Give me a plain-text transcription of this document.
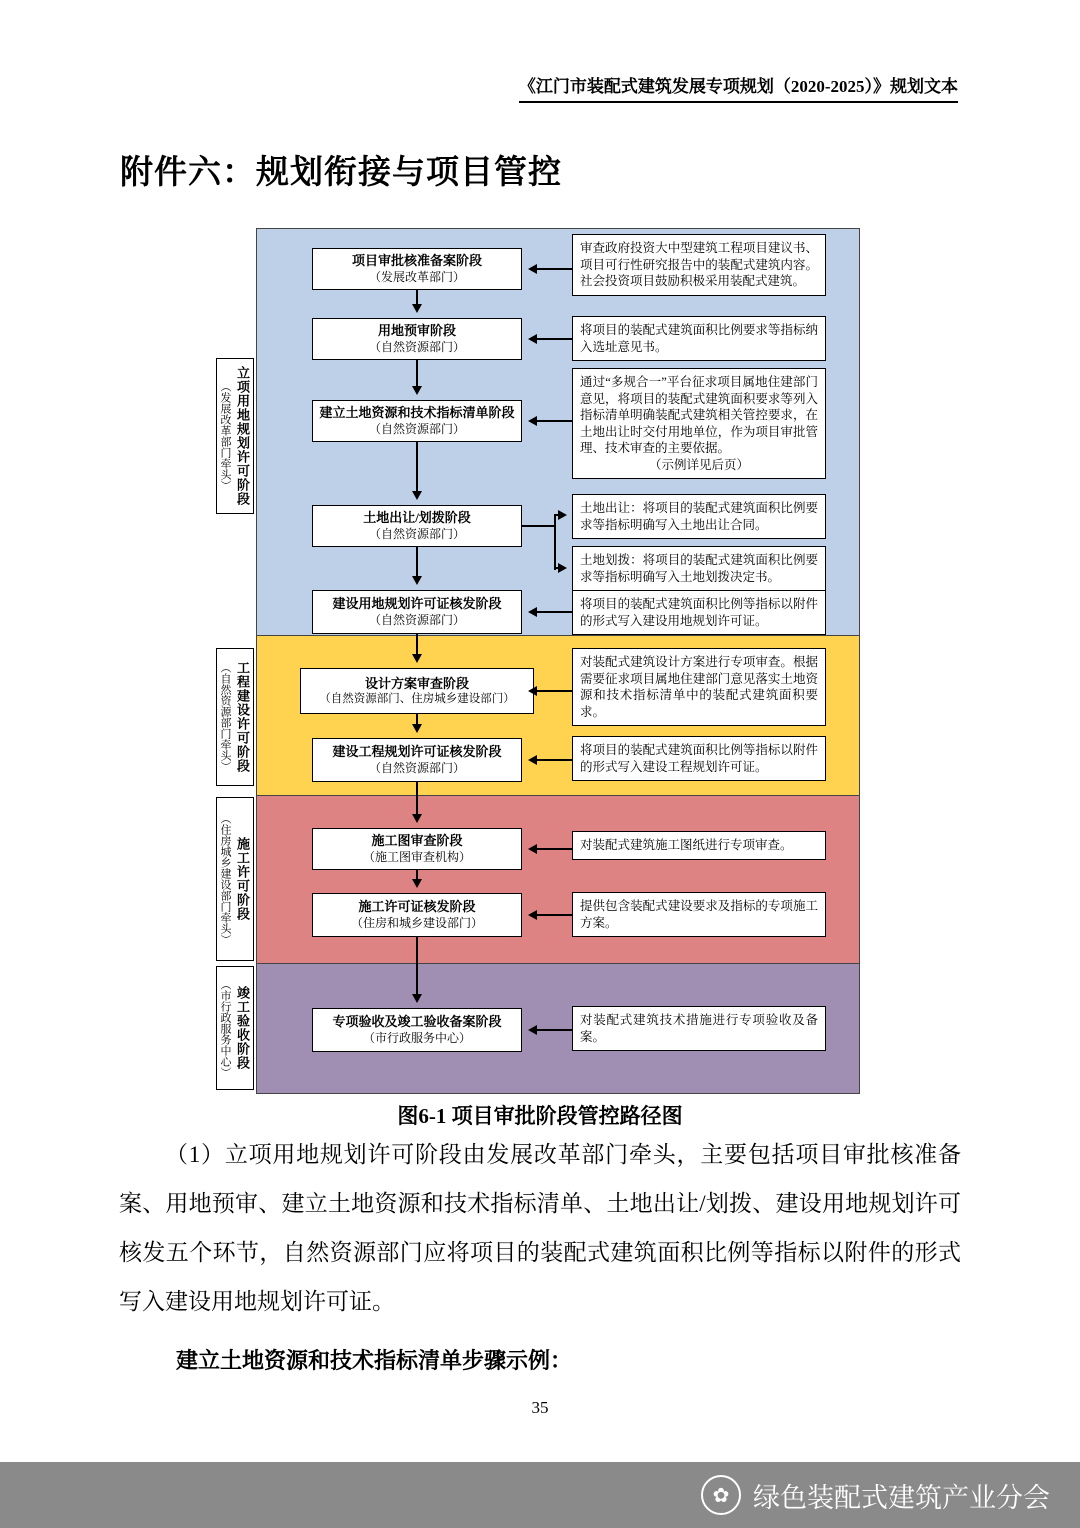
《江门市装配式建筑发展专项规划（2020-2025）》规划文本
附件六：规划衔接与项目管控
立项用地规划许可阶段
（发展改革部门牵头）
工程建设许可阶段
（自然资源部门牵头）
施工许可阶段
（住房城乡建设部门牵头）
竣工验收阶段
（市行政服务中心）
项目审批核准备案阶段
（发展改革部门）
用地预审阶段
（自然资源部门）
建立土地资源和技术指标清单阶段
（自然资源部门）
土地出让/划拨阶段
（自然资源部门）
建设用地规划许可证核发阶段
（自然资源部门）
设计方案审查阶段
（自然资源部门、住房城乡建设部门）
建设工程规划许可证核发阶段
（自然资源部门）
施工图审查阶段
（施工图审查机构）
施工许可证核发阶段
（住房和城乡建设部门）
专项验收及竣工验收备案阶段
（市行政服务中心）
审查政府投资大中型建筑工程项目建议书、项目可行性研究报告中的装配式建筑内容。社会投资项目鼓励积极采用装配式建筑。
将项目的装配式建筑面积比例要求等指标纳入选址意见书。
通过“多规合一”平台征求项目属地住建部门意见，将项目的装配式建筑面积要求等列入指标清单明确装配式建筑相关管控要求，在土地出让时交付用地单位，作为项目审批管理、技术审查的主要依据。
（示例详见后页）
土地出让：将项目的装配式建筑面积比例要求等指标明确写入土地出让合同。
土地划拨：将项目的装配式建筑面积比例要求等指标明确写入土地划拨决定书。
将项目的装配式建筑面积比例等指标以附件的形式写入建设用地规划许可证。
对装配式建筑设计方案进行专项审查。根据需要征求项目属地住建部门意见落实土地资源和技术指标清单中的装配式建筑面积要求。
将项目的装配式建筑面积比例等指标以附件的形式写入建设工程规划许可证。
对装配式建筑施工图纸进行专项审查。
提供包含装配式建设要求及指标的专项施工方案。
对装配式建筑技术措施进行专项验收及备案。
图6-1 项目审批阶段管控路径图

（1）立项用地规划许可阶段由发展改革部门牵头，主要包括项目审批核准备案、用地预审、建立土地资源和技术指标清单、土地出让/划拨、建设用地规划许可核发五个环节，自然资源部门应将项目的装配式建筑面积比例等指标以附件的形式写入建设用地规划许可证。

建立土地资源和技术指标清单步骤示例：
35
✿ 绿色装配式建筑产业分会
